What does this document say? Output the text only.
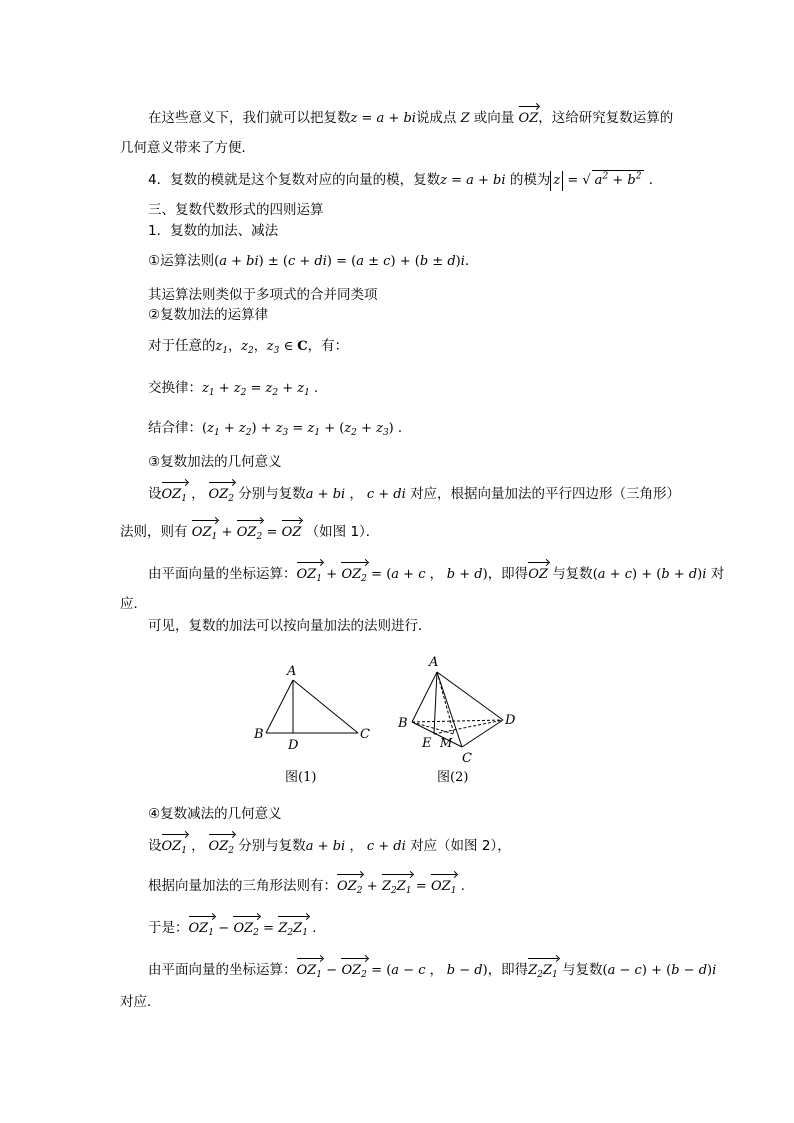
在这些意义下，我们就可以把复数z = a + bi说成点 Z 或向量 OZ，这给研究复数运算的
几何意义带来了方便．
4．复数的模就是这个复数对应的向量的模，复数z = a + bi 的模为 z = √ $a^2 + b^2$ ．
三、复数代数形式的四则运算
1．复数的加法、减法
①运算法则(a + bi) ± (c + di) = (a ± c) + (b ± d)i．
其运算法则类似于多项式的合并同类项
②复数加法的运算律
对于任意的$z_1$，$z_2$，$z_3$ ∈ C，有：
交换律：$z_1 + z_2 = z_2 + z_1$ .
结合律：$(z_1 + z_2) + z_3 = z_1 + (z_2 + z_3)$ .
③复数加法的几何意义
设$OZ_1$ ， $OZ_2$ 分别与复数a + bi ， c + di 对应，根据向量加法的平行四边形（三角形）
法则，则有 $OZ_1 + OZ_2$ = OZ （如图 1）．
由平面向量的坐标运算：$OZ_1 + OZ_2 = (a + c$ ， b + d)，即得OZ 与复数(a + c) + (b + d)i 对
应．
可见，复数的加法可以按向量加法的法则进行．
A
B	C
D
图(1)
A
B
C
D
E M
图(2)
④复数减法的几何意义
设$OZ_1$ ， $OZ_2$ 分别与复数a + bi ， c + di 对应（如图 2），
根据向量加法的三角形法则有：$OZ_2 + Z_2Z_1 = OZ_1$ .
于是：$OZ_1 - OZ_2 = Z_2Z_1$ .
由平面向量的坐标运算：$OZ_1 - OZ_2 = (a - c$ ， b − d)，即得$Z_2Z_1$ 与复数(a − c) + (b − d)i
对应．
